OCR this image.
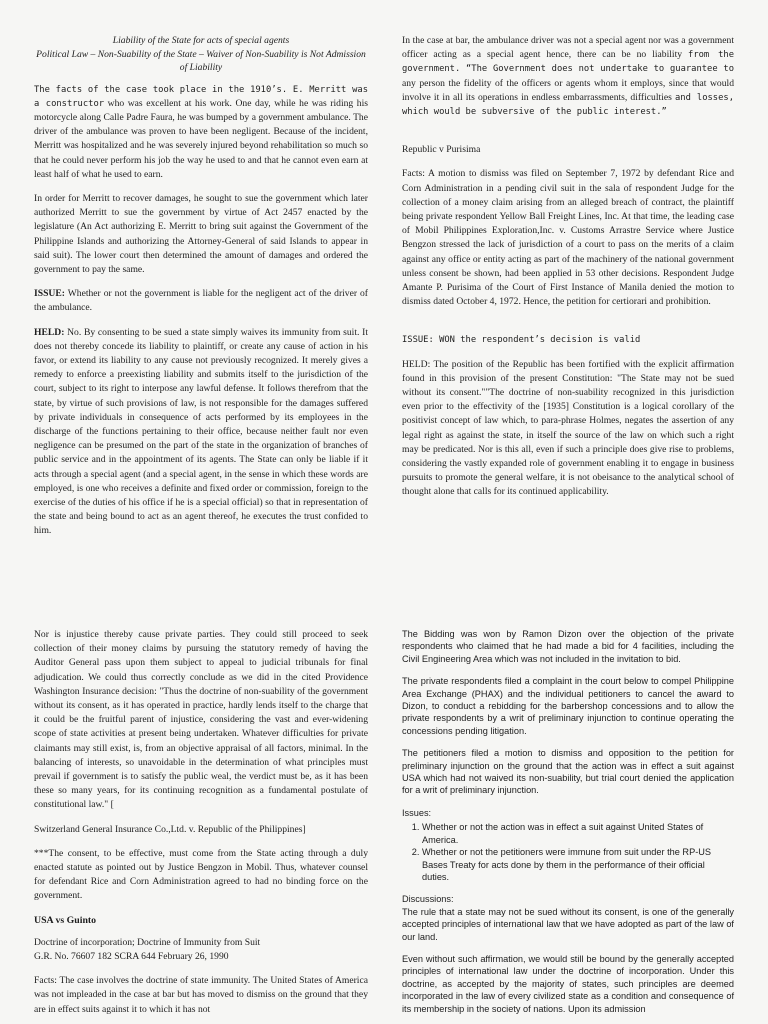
Liability of the State for acts of special agents
Political Law – Non-Suability of the State – Waiver of Non-Suability is Not Admission of Liability

The facts of the case took place in the 1910’s. E. Merritt was a constructor who was excellent at his work. One day, while he was riding his motorcycle along Calle Padre Faura, he was bumped by a government ambulance. The driver of the ambulance was proven to have been negligent. Because of the incident, Merritt was hospitalized and he was severely injured beyond rehabilitation so much so that he could never perform his job the way he used to and that he cannot even earn at least half of what he used to earn.

In order for Merritt to recover damages, he sought to sue the government which later authorized Merritt to sue the government by virtue of Act 2457 enacted by the legislature (An Act authorizing E. Merritt to bring suit against the Government of the Philippine Islands and authorizing the Attorney-General of said Islands to appear in said suit). The lower court then determined the amount of damages and ordered the government to pay the same.

ISSUE: Whether or not the government is liable for the negligent act of the driver of the ambulance.

HELD: No. By consenting to be sued a state simply waives its immunity from suit. It does not thereby concede its liability to plaintiff, or create any cause of action in his favor, or extend its liability to any cause not previously recognized. It merely gives a remedy to enforce a preexisting liability and submits itself to the jurisdiction of the court, subject to its right to interpose any lawful defense. It follows therefrom that the state, by virtue of such provisions of law, is not responsible for the damages suffered by private individuals in consequence of acts performed by its employees in the discharge of the functions pertaining to their office, because neither fault nor even negligence can be presumed on the part of the state in the organization of branches of public service and in the appointment of its agents. The State can only be liable if it acts through a special agent (and a special agent, in the sense in which these words are employed, is one who receives a definite and fixed order or commission, foreign to the exercise of the duties of his office if he is a special official) so that in representation of the state and being bound to act as an agent thereof, he executes the trust confided to him.

In the case at bar, the ambulance driver was not a special agent nor was a government officer acting as a special agent hence, there can be no liability from the government. “The Government does not undertake to guarantee to any person the fidelity of the officers or agents whom it employs, since that would involve it in all its operations in endless embarrassments, difficulties and losses, which would be subversive of the public interest.”

Republic v Purisima

Facts: A motion to dismiss was filed on September 7, 1972 by defendant Rice and Corn Administration in a pending civil suit in the sala of respondent Judge for the collection of a money claim arising from an alleged breach of contract, the plaintiff being private respondent Yellow Ball Freight Lines, Inc. At that time, the leading case of Mobil Philippines Exploration,Inc. v. Customs Arrastre Service where Justice Bengzon stressed the lack of jurisdiction of a court to pass on the merits of a claim against any office or entity acting as part of the machinery of the national government unless consent be shown, had been applied in 53 other decisions. Respondent Judge Amante P. Purisima of the Court of First Instance of Manila denied the motion to dismiss dated October 4, 1972. Hence, the petition for certiorari and prohibition.

ISSUE: WON the respondent’s decision is valid

HELD: The position of the Republic has been fortified with the explicit affirmation found in this provision of the present Constitution: "The State may not be sued without its consent.""The doctrine of non-suability recognized in this jurisdiction even prior to the effectivity of the [1935] Constitution is a logical corollary of the positivist concept of law which, to para-phrase Holmes, negates the assertion of any legal right as against the state, in itself the source of the law on which such a right may be predicated. Nor is this all, even if such a principle does give rise to problems, considering the vastly expanded role of government enabling it to engage in business pursuits to promote the general welfare, it is not obeisance to the analytical school of thought alone that calls for its continued applicability.

Nor is injustice thereby cause private parties. They could still proceed to seek collection of their money claims by pursuing the statutory remedy of having the Auditor General pass upon them subject to appeal to judicial tribunals for final adjudication. We could thus correctly conclude as we did in the cited Providence Washington Insurance decision: "Thus the doctrine of non-suability of the government without its consent, as it has operated in practice, hardly lends itself to the charge that it could be the fruitful parent of injustice, considering the vast and ever-widening scope of state activities at present being undertaken. Whatever difficulties for private claimants may still exist, is, from an objective appraisal of all factors, minimal. In the balancing of interests, so unavoidable in the determination of what principles must prevail if government is to satisfy the public weal, the verdict must be, as it has been these so many years, for its continuing recognition as a fundamental postulate of constitutional law." [

Switzerland General Insurance Co.,Ltd. v. Republic of the Philippines]

***The consent, to be effective, must come from the State acting through a duly enacted statute as pointed out by Justice Bengzon in Mobil. Thus, whatever counsel for defendant Rice and Corn Administration agreed to had no binding force on the government.

USA vs Guinto

Doctrine of incorporation; Doctrine of Immunity from Suit

G.R. No. 76607 182 SCRA 644 February 26, 1990

Facts: The case involves the doctrine of state immunity. The United States of America was not impleaded in the case at bar but has moved to dismiss on the ground that they are in effect suits against it to which it has not

The Bidding was won by Ramon Dizon over the objection of the private respondents who claimed that he had made a bid for 4 facilities, including the Civil Engineering Area which was not included in the invitation to bid.

The private respondents filed a complaint in the court below to compel Philippine Area Exchange (PHAX) and the individual petitioners to cancel the award to Dizon, to conduct a rebidding for the barbershop concessions and to allow the private respondents by a writ of preliminary injunction to continue operating the concessions pending litigation.

The petitioners filed a motion to dismiss and opposition to the petition for preliminary injunction on the ground that the action was in effect a suit against USA which had not waived its non-suability, but trial court denied the application for a writ of preliminary injunction.

Issues:
1. Whether or not the action was in effect a suit against United States of America.
2. Whether or not the petitioners were immune from suit under the RP-US Bases Treaty for acts done by them in the performance of their official duties.
Discussions:

The rule that a state may not be sued without its consent, is one of the generally accepted principles of international law that we have adopted as part of the law of our land.

Even without such affirmation, we would still be bound by the generally accepted principles of international law under the doctrine of incorporation. Under this doctrine, as accepted by the majority of states, such principles are deemed incorporated in the law of every civilized state as a condition and consequence of its membership in the society of nations. Upon its admission
